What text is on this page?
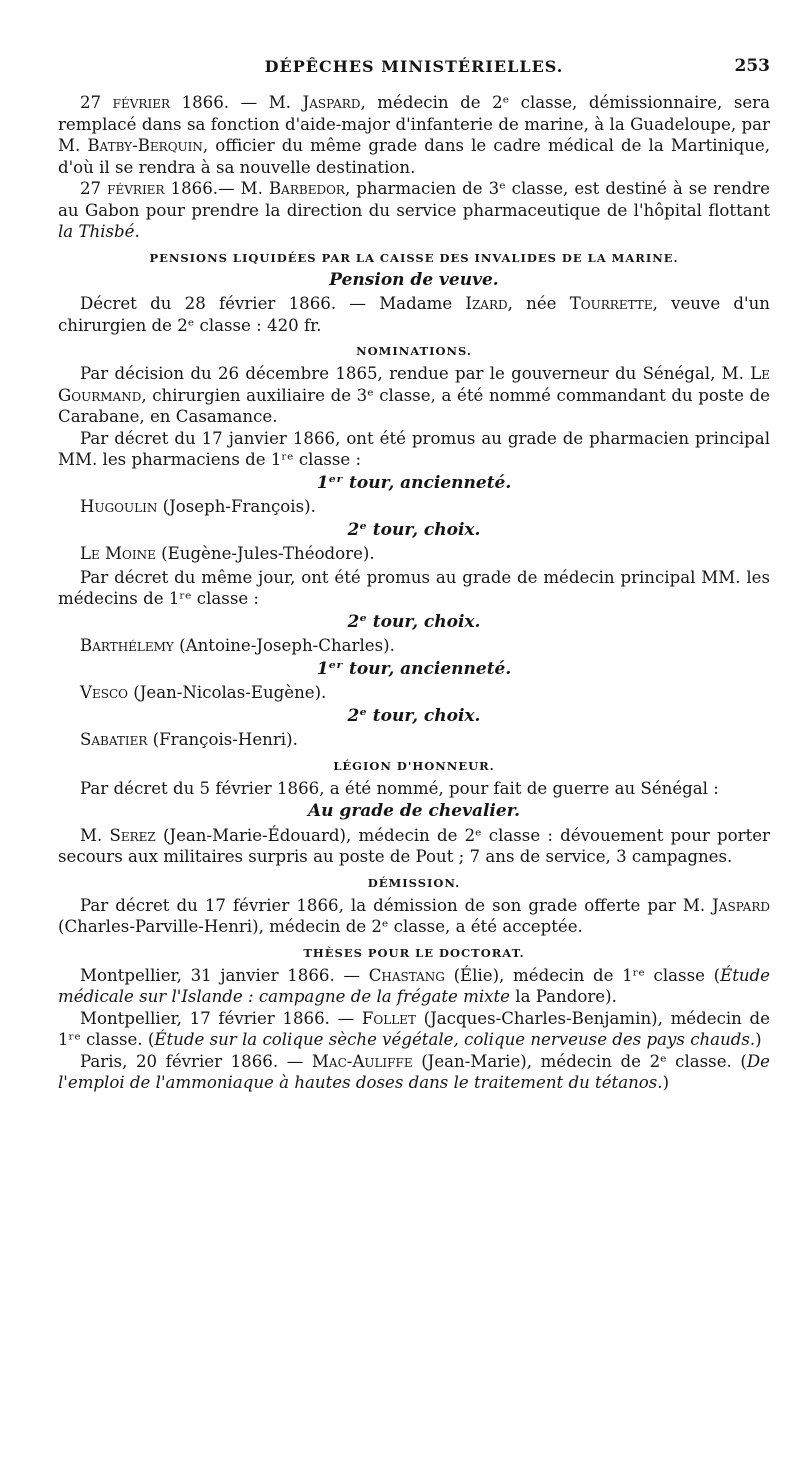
DÉPÊCHES MINISTÉRIELLES.	253

27 février 1866. — M. Jaspard, médecin de 2ᵉ classe, démissionnaire, sera remplacé dans sa fonction d'aide-major d'infanterie de marine, à la Guadeloupe, par M. Batby-Berquin, officier du même grade dans le cadre médical de la Martinique, d'où il se rendra à sa nouvelle destination.

27 février 1866.— M. Barbedor, pharmacien de 3ᵉ classe, est destiné à se rendre au Gabon pour prendre la direction du service pharmaceutique de l'hôpital flottant la Thisbé.

PENSIONS LIQUIDÉES PAR LA CAISSE DES INVALIDES DE LA MARINE.
Pension de veuve.

Décret du 28 février 1866. — Madame Izard, née Tourrette, veuve d'un chirurgien de 2ᵉ classe : 420 fr.

NOMINATIONS.

Par décision du 26 décembre 1865, rendue par le gouverneur du Sénégal, M. Le Gourmand, chirurgien auxiliaire de 3ᵉ classe, a été nommé commandant du poste de Carabane, en Casamance.

Par décret du 17 janvier 1866, ont été promus au grade de pharmacien principal MM. les pharmaciens de 1ʳᵉ classe :

1ᵉʳ tour, ancienneté.
Hugoulin (Joseph-François).
2ᵉ tour, choix.
Le Moine (Eugène-Jules-Théodore).

Par décret du même jour, ont été promus au grade de médecin principal MM. les médecins de 1ʳᵉ classe :

2ᵉ tour, choix.
Barthélemy (Antoine-Joseph-Charles).
1ᵉʳ tour, ancienneté.
Vesco (Jean-Nicolas-Eugène).
2ᵉ tour, choix.
Sabatier (François-Henri).
LÉGION D'HONNEUR.

Par décret du 5 février 1866, a été nommé, pour fait de guerre au Sénégal :

Au grade de chevalier.

M. Serez (Jean-Marie-Édouard), médecin de 2ᵉ classe : dévouement pour porter secours aux militaires surpris au poste de Pout ; 7 ans de service, 3 campagnes.

DÉMISSION.

Par décret du 17 février 1866, la démission de son grade offerte par M. Jaspard (Charles-Parville-Henri), médecin de 2ᵉ classe, a été acceptée.

THÈSES POUR LE DOCTORAT.

Montpellier, 31 janvier 1866. — Chastang (Élie), médecin de 1ʳᵉ classe (Étude médicale sur l'Islande : campagne de la frégate mixte la Pandore).

Montpellier, 17 février 1866. — Follet (Jacques-Charles-Benjamin), médecin de 1ʳᵉ classe. (Étude sur la colique sèche végétale, colique nerveuse des pays chauds.)

Paris, 20 février 1866. — Mac-Auliffe (Jean-Marie), médecin de 2ᵉ classe. (De l'emploi de l'ammoniaque à hautes doses dans le traitement du tétanos.)
